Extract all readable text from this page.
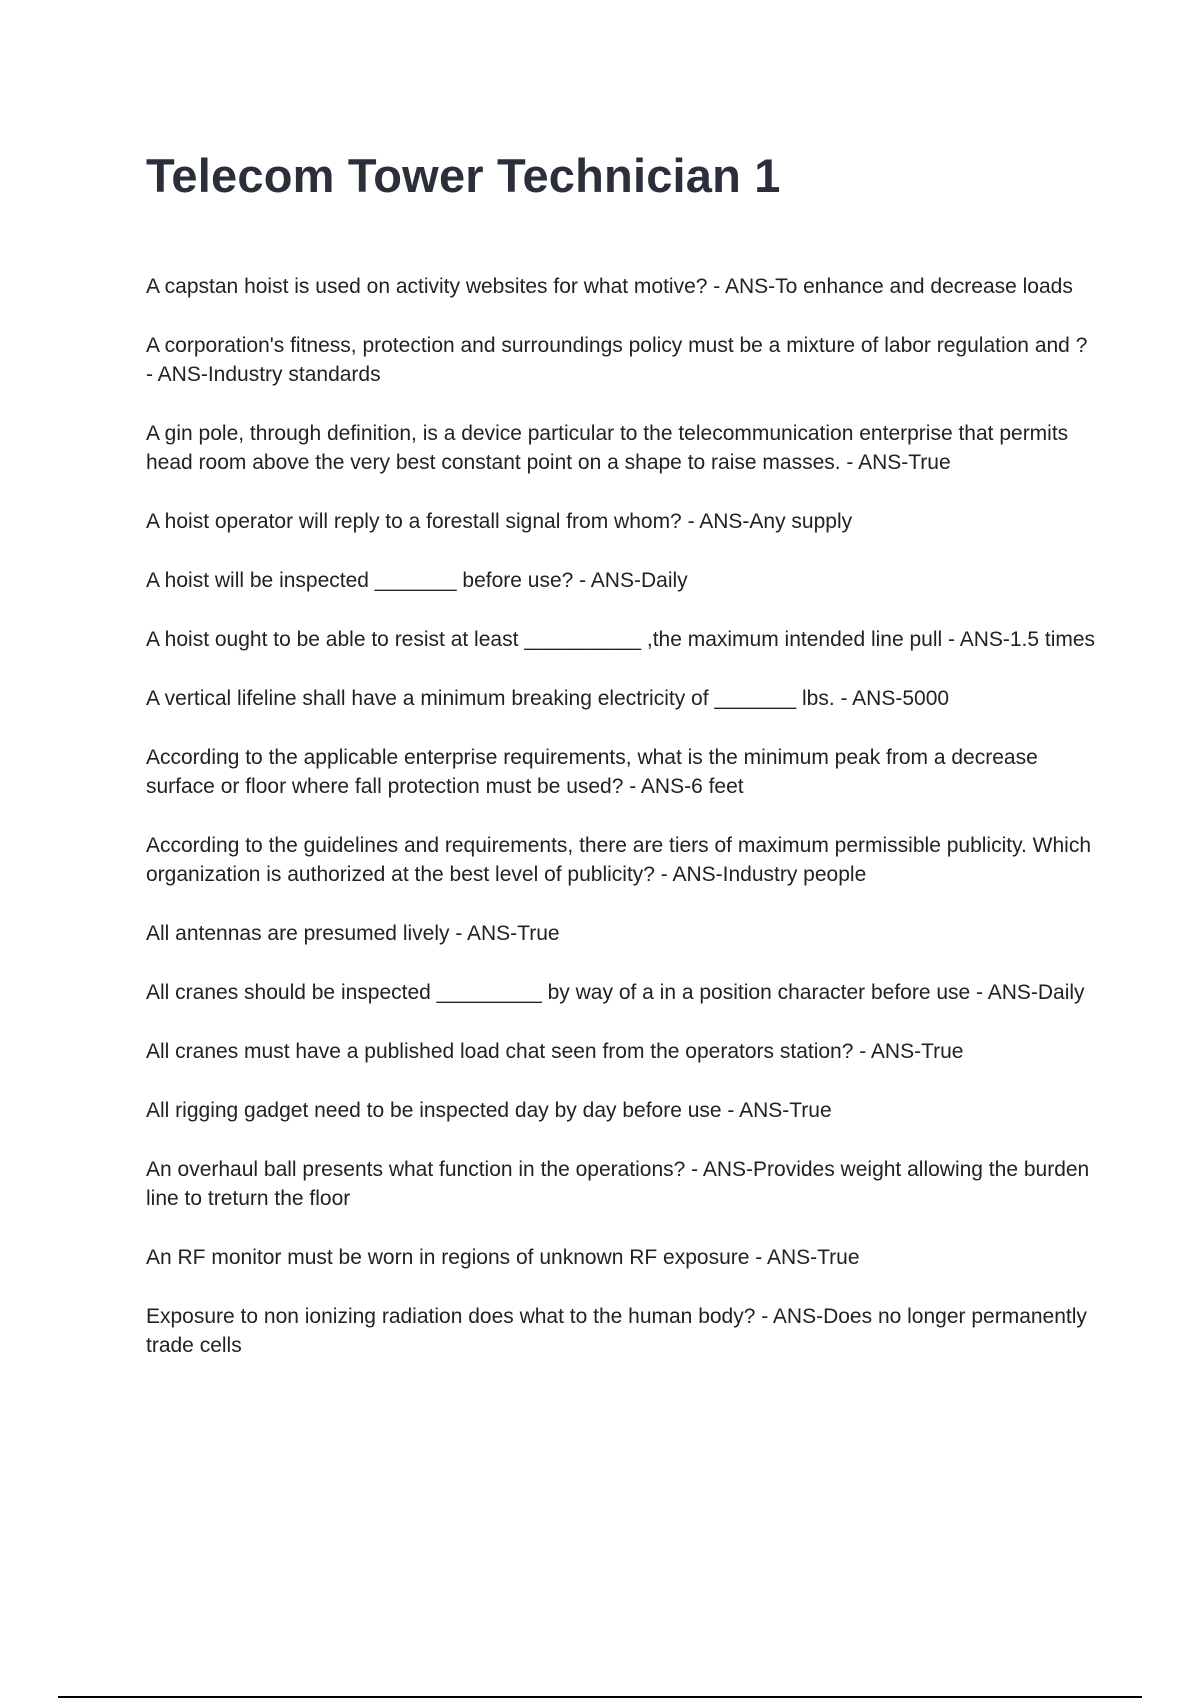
Telecom Tower Technician 1
A capstan hoist is used on activity websites for what motive? - ANS-To enhance and decrease loads
A corporation's fitness, protection and surroundings policy must be a mixture of labor regulation and ? - ANS-Industry standards
A gin pole, through definition, is a device particular to the telecommunication enterprise that permits head room above the very best constant point on a shape to raise masses. - ANS-True
A hoist operator will reply to a forestall signal from whom? - ANS-Any supply
A hoist will be inspected _______ before use? - ANS-Daily
A hoist ought to be able to resist at least __________ ,the maximum intended line pull - ANS-1.5 times
A vertical lifeline shall have a minimum breaking electricity of _______ lbs. - ANS-5000
According to the applicable enterprise requirements, what is the minimum peak from a decrease surface or floor where fall protection must be used? - ANS-6 feet
According to the guidelines and requirements, there are tiers of maximum permissible publicity. Which organization is authorized at the best level of publicity? - ANS-Industry people
All antennas are presumed lively - ANS-True
All cranes should be inspected _________ by way of a in a position character before use - ANS-Daily
All cranes must have a published load chat seen from the operators station? - ANS-True
All rigging gadget need to be inspected day by day before use - ANS-True
An overhaul ball presents what function in the operations? - ANS-Provides weight allowing the burden line to treturn the floor
An RF monitor must be worn in regions of unknown RF exposure - ANS-True
Exposure to non ionizing radiation does what to the human body? - ANS-Does no longer permanently trade cells
